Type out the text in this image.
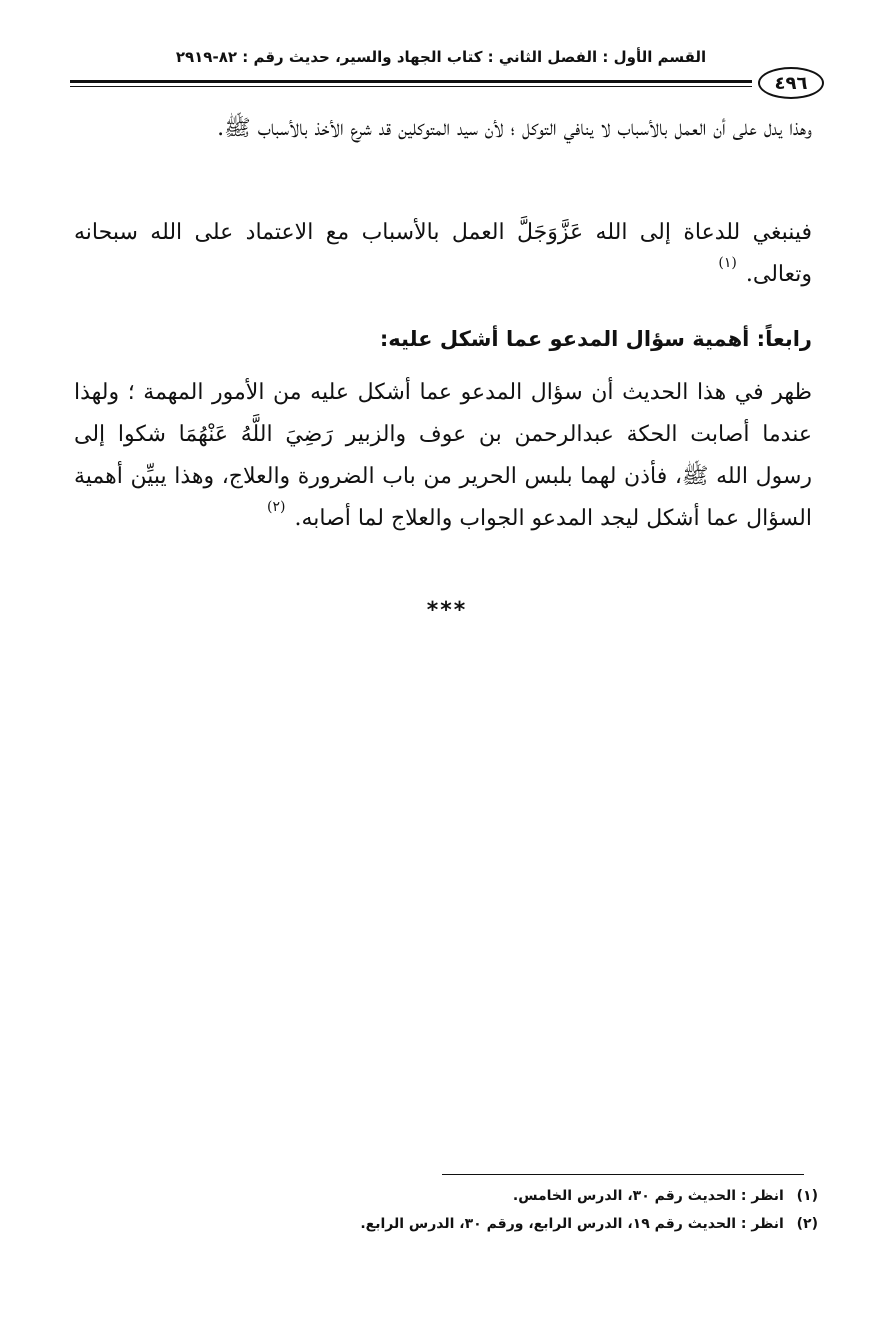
القسم الأول : الفصل الثاني : كتاب الجهاد والسير، حديث رقم : ٨٢-٢٩١٩
٤٩٦
وهذا يدل على أن العمل بالأسباب لا ينافي التوكل ؛ لأن سيد المتوكلين قد شرع الأخذ بالأسباب ﷺ.
فينبغي للدعاة إلى الله عَزَّوَجَلَّ العمل بالأسباب مع الاعتماد على الله سبحانه وتعالى. $^{(١)}$
رابعاً: أهمية سؤال المدعو عما أشكل عليه:
ظهر في هذا الحديث أن سؤال المدعو عما أشكل عليه من الأمور المهمة ؛ ولهذا عندما أصابت الحكة عبدالرحمن بن عوف والزبير رَضِيَ اللَّهُ عَنْهُمَا شكوا إلى رسول الله ﷺ، فأذن لهما بلبس الحرير من باب الضرورة والعلاج، وهذا يبيِّن أهمية السؤال عما أشكل ليجد المدعو الجواب والعلاج لما أصابه. $^{(٢)}$
***
(١) انظر : الحديث رقم ٣٠، الدرس الخامس.
(٢) انظر : الحديث رقم ١٩، الدرس الرابع، ورقم ٣٠، الدرس الرابع.
